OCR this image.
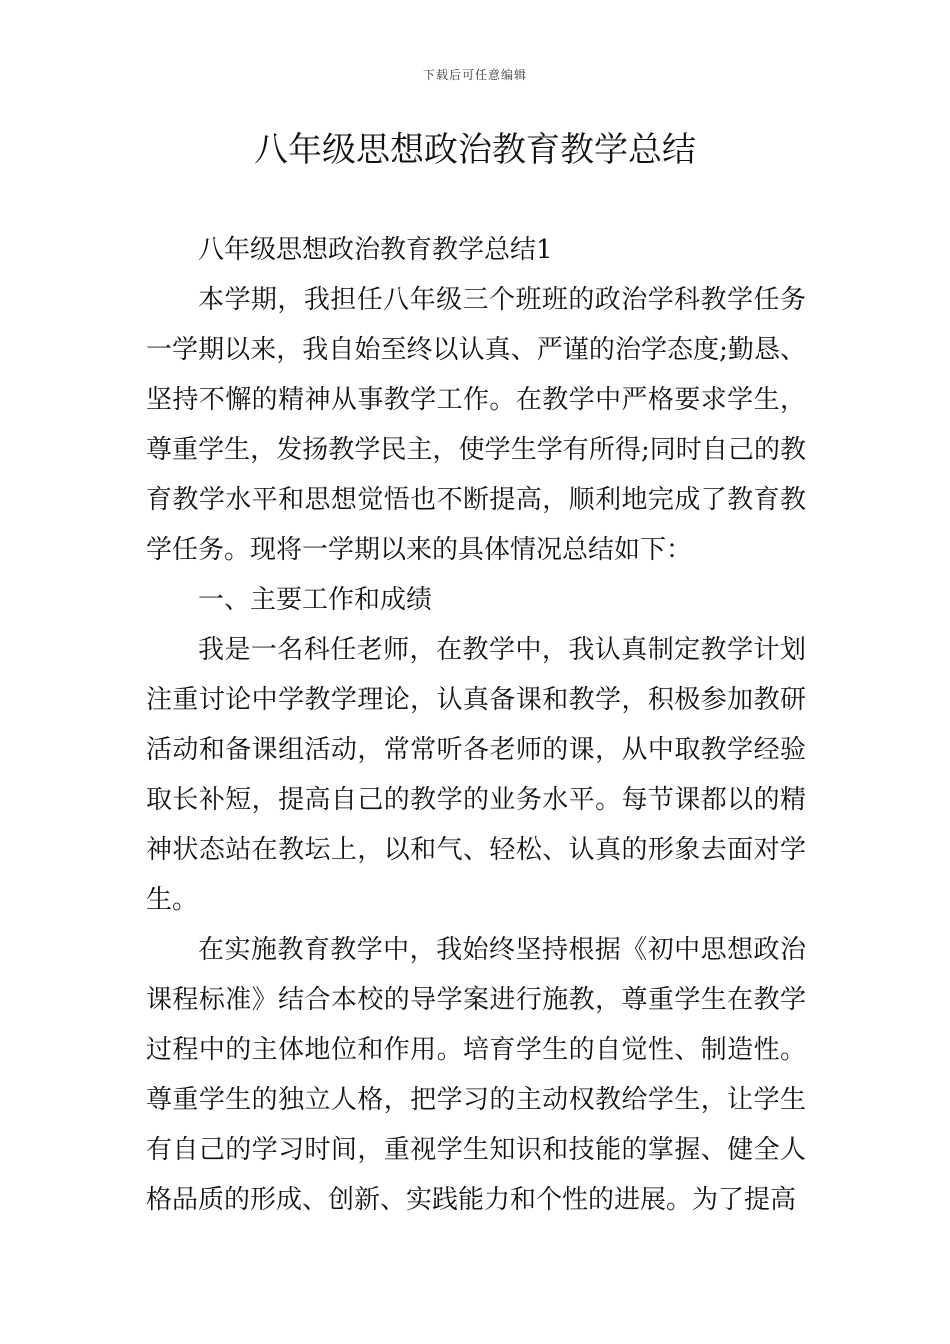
下载后可任意编辑
八年级思想政治教育教学总结

八年级思想政治教育教学总结1

本学期，我担任八年级三个班班的政治学科教学任务一学期以来，我自始至终以认真、严谨的治学态度;勤恳、坚持不懈的精神从事教学工作。在教学中严格要求学生，尊重学生，发扬教学民主，使学生学有所得;同时自己的教育教学水平和思想觉悟也不断提高，顺利地完成了教育教学任务。现将一学期以来的具体情况总结如下：

一、主要工作和成绩

我是一名科任老师，在教学中，我认真制定教学计划注重讨论中学教学理论，认真备课和教学，积极参加教研活动和备课组活动，常常听各老师的课，从中取教学经验取长补短，提高自己的教学的业务水平。每节课都以的精神状态站在教坛上，以和气、轻松、认真的形象去面对学生。

在实施教育教学中，我始终坚持根据《初中思想政治课程标准》结合本校的导学案进行施教，尊重学生在教学过程中的主体地位和作用。培育学生的自觉性、制造性。尊重学生的独立人格，把学习的主动权教给学生，让学生有自己的学习时间，重视学生知识和技能的掌握、健全人格品质的形成、创新、实践能力和个性的进展。为了提高
